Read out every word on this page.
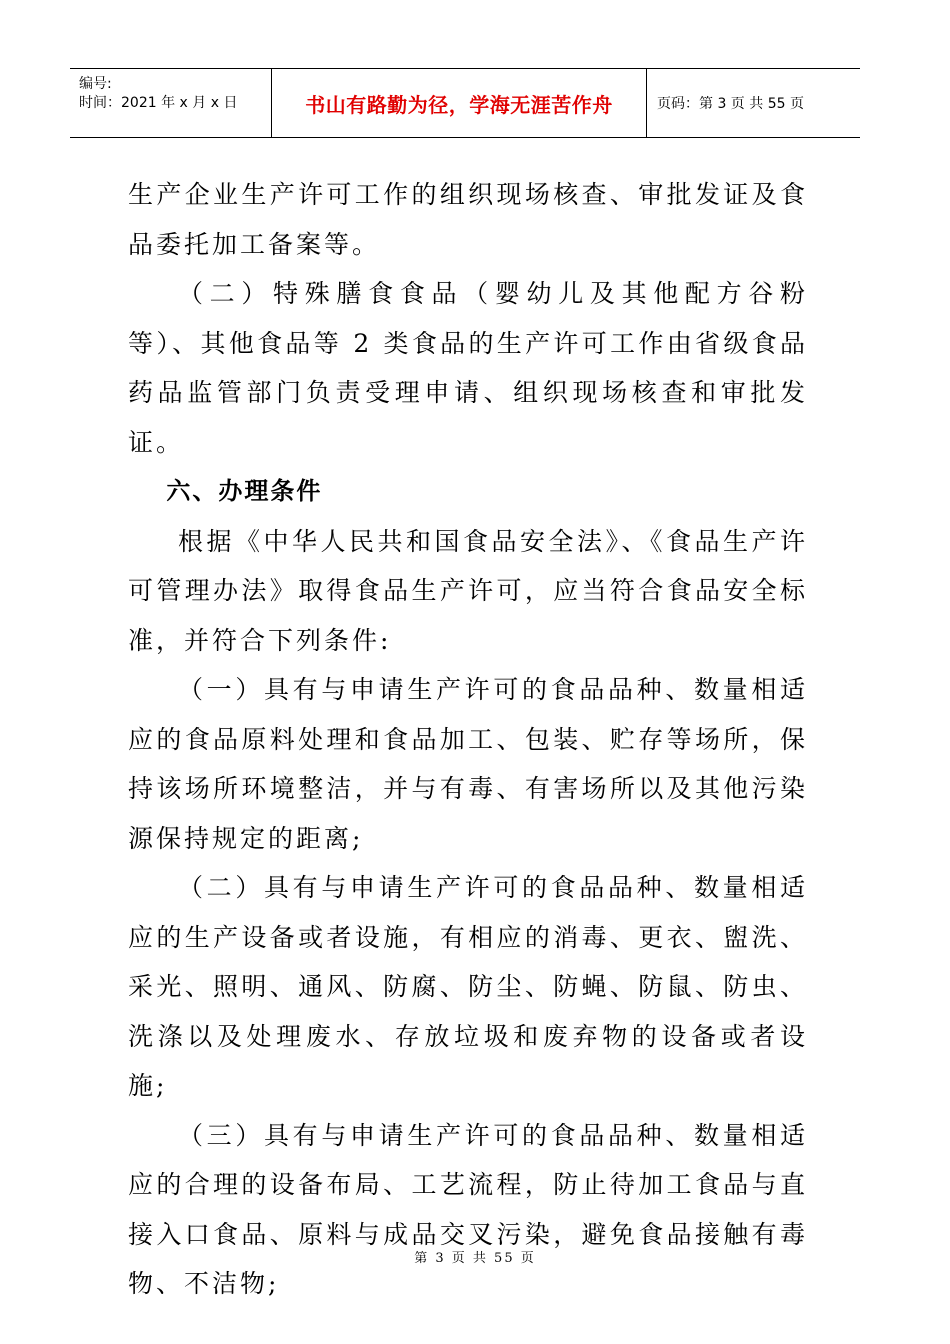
编号:
时间：2021 年 x 月 x 日	书山有路勤为径，学海无涯苦作舟	页码：第 3 页 共 55 页

生产企业生产许可工作的组织现场核查、审批发证及食品委托加工备案等。

（二）特殊膳食食品（婴幼儿及其他配方谷粉等）、其他食品等 2 类食品的生产许可工作由省级食品药品监管部门负责受理申请、组织现场核查和审批发证。

六、办理条件

根据《中华人民共和国食品安全法》、《食品生产许可管理办法》取得食品生产许可，应当符合食品安全标准，并符合下列条件:

（一）具有与申请生产许可的食品品种、数量相适应的食品原料处理和食品加工、包装、贮存等场所，保持该场所环境整洁，并与有毒、有害场所以及其他污染源保持规定的距离;

（二）具有与申请生产许可的食品品种、数量相适应的生产设备或者设施，有相应的消毒、更衣、盥洗、采光、照明、通风、防腐、防尘、防蝇、防鼠、防虫、洗涤以及处理废水、存放垃圾和废弃物的设备或者设施;

（三）具有与申请生产许可的食品品种、数量相适应的合理的设备布局、工艺流程，防止待加工食品与直接入口食品、原料与成品交叉污染，避免食品接触有毒物、不洁物;

第 3 页 共 55 页
